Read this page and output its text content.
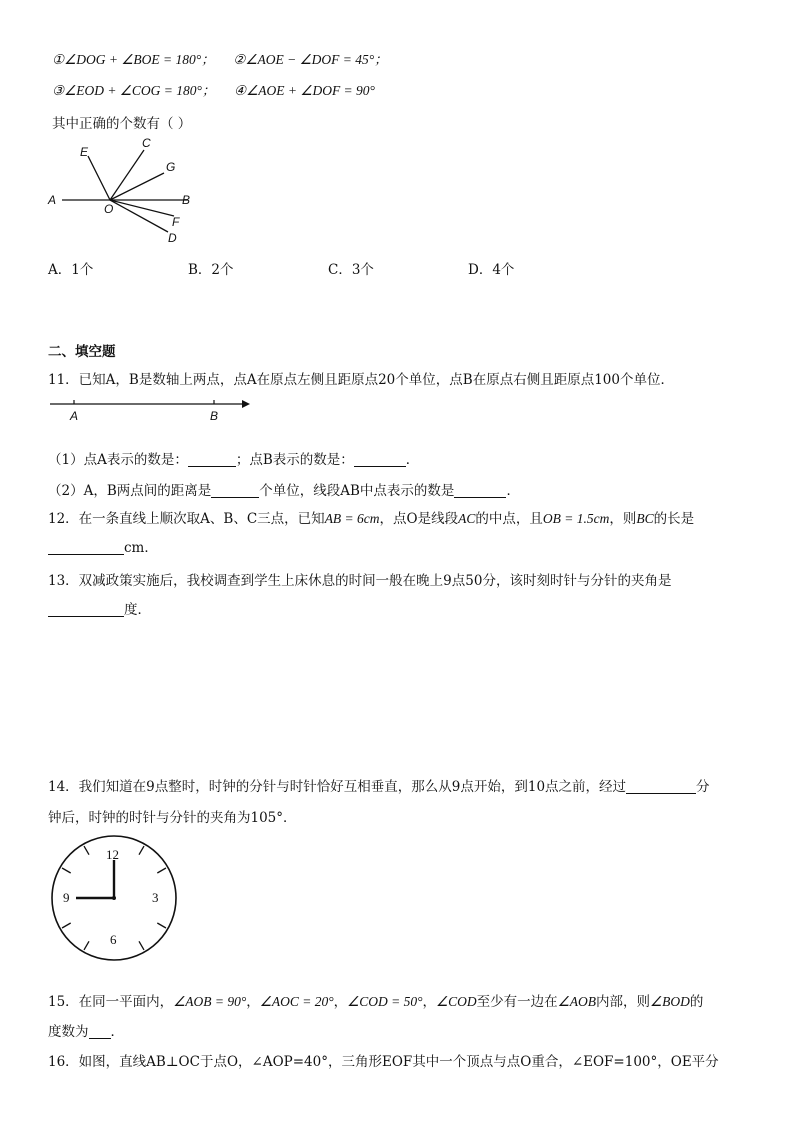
①∠DOG + ∠BOE = 180°； ②∠AOE − ∠DOF = 45°；
③∠EOD + ∠COG = 180°； ④∠AOE + ∠DOF = 90°
其中正确的个数有（ ）
A
O
B
C
E
G
F
D
A．1个	B．2个	C．3个	D．4个
二、填空题
11．已知A，B是数轴上两点，点A在原点左侧且距原点20个单位，点B在原点右侧且距原点100个单位．
A	B
（1）点A表示的数是：	；点B表示的数是：	．
（2）A，B两点间的距离是	个单位，线段AB中点表示的数是	．
12．在一条直线上顺次取A、B、C三点，已知AB = 6cm，点O是线段AC的中点，且OB = 1.5cm，则BC的长是
cm．
13．双减政策实施后，我校调查到学生上床休息的时间一般在晚上9点50分，该时刻时针与分针的夹角是
度．
14．我们知道在9点整时，时钟的分针与时针恰好互相垂直，那么从9点开始，到10点之前，经过	分
钟后，时钟的时针与分针的夹角为105°．
12
3
6
9
15．在同一平面内，∠AOB = 90°，∠AOC = 20°，∠COD = 50°，∠COD至少有一边在∠AOB内部，则∠BOD的
度数为 ．
16．如图，直线AB⊥OC于点O，∠AOP=40°，三角形EOF其中一个顶点与点O重合，∠EOF=100°，OE平分
